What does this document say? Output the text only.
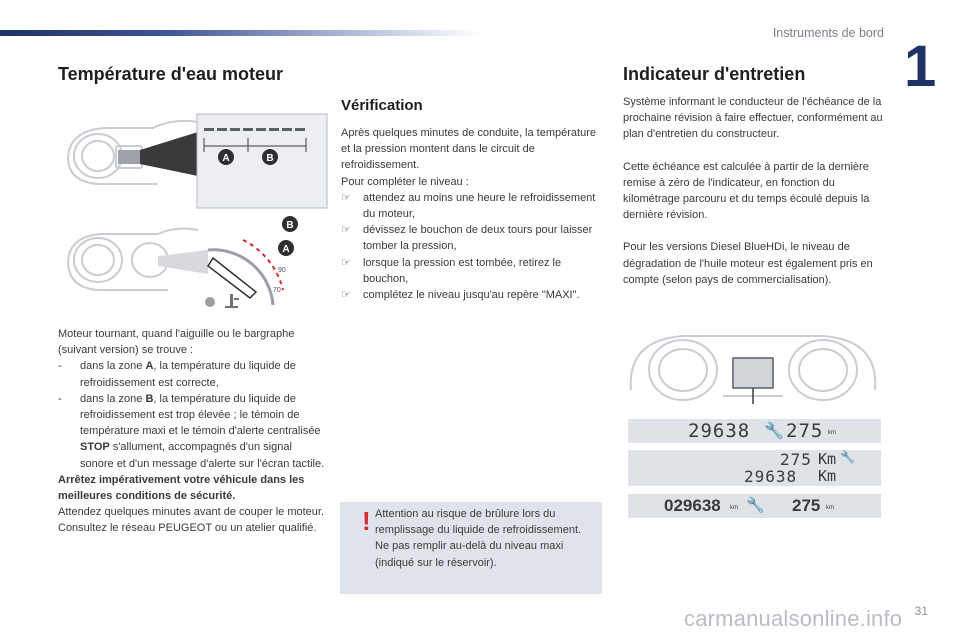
Instruments de bord
1
Température d'eau moteur
A	B
B
A
90
70

Moteur tournant, quand l'aiguille ou le bargraphe (suivant version) se trouve :

-	dans la zone A, la température du liquide de refroidissement est correcte,
-	dans la zone B, la température du liquide de refroidissement est trop élevée ; le témoin de température maxi et le témoin d'alerte centralisée STOP s'allument, accompagnés d'un signal sonore et d'un message d'alerte sur l'écran tactile.

Arrêtez impérativement votre véhicule dans les meilleures conditions de sécurité.

Attendez quelques minutes avant de couper le moteur.

Consultez le réseau PEUGEOT ou un atelier qualifié.

Vérification

Après quelques minutes de conduite, la température et la pression montent dans le circuit de refroidissement.

Pour compléter le niveau :

☞	attendez au moins une heure le refroidissement du moteur,
☞	dévissez le bouchon de deux tours pour laisser tomber la pression,
☞	lorsque la pression est tombée, retirez le bouchon,
☞	complétez le niveau jusqu'au repère "MAXI".
! Attention au risque de brûlure lors du remplissage du liquide de refroidissement. Ne pas remplir au-delà du niveau maxi (indiqué sur le réservoir).

Indicateur d'entretien

Système informant le conducteur de l'échéance de la prochaine révision à faire effectuer, conformément au plan d'entretien du constructeur.

Cette échéance est calculée à partir de la dernière remise à zéro de l'indicateur, en fonction du kilométrage parcouru et du temps écoulé depuis la dernière révision.

Pour les versions Diesel BlueHDi, le niveau de dégradation de l'huile moteur est également pris en compte (selon pays de commercialisation).

29638 🔧 275 km
275 Km 🔧
29638 Km
029638 km 🔧 275 km
31
carmanualsonline.info
